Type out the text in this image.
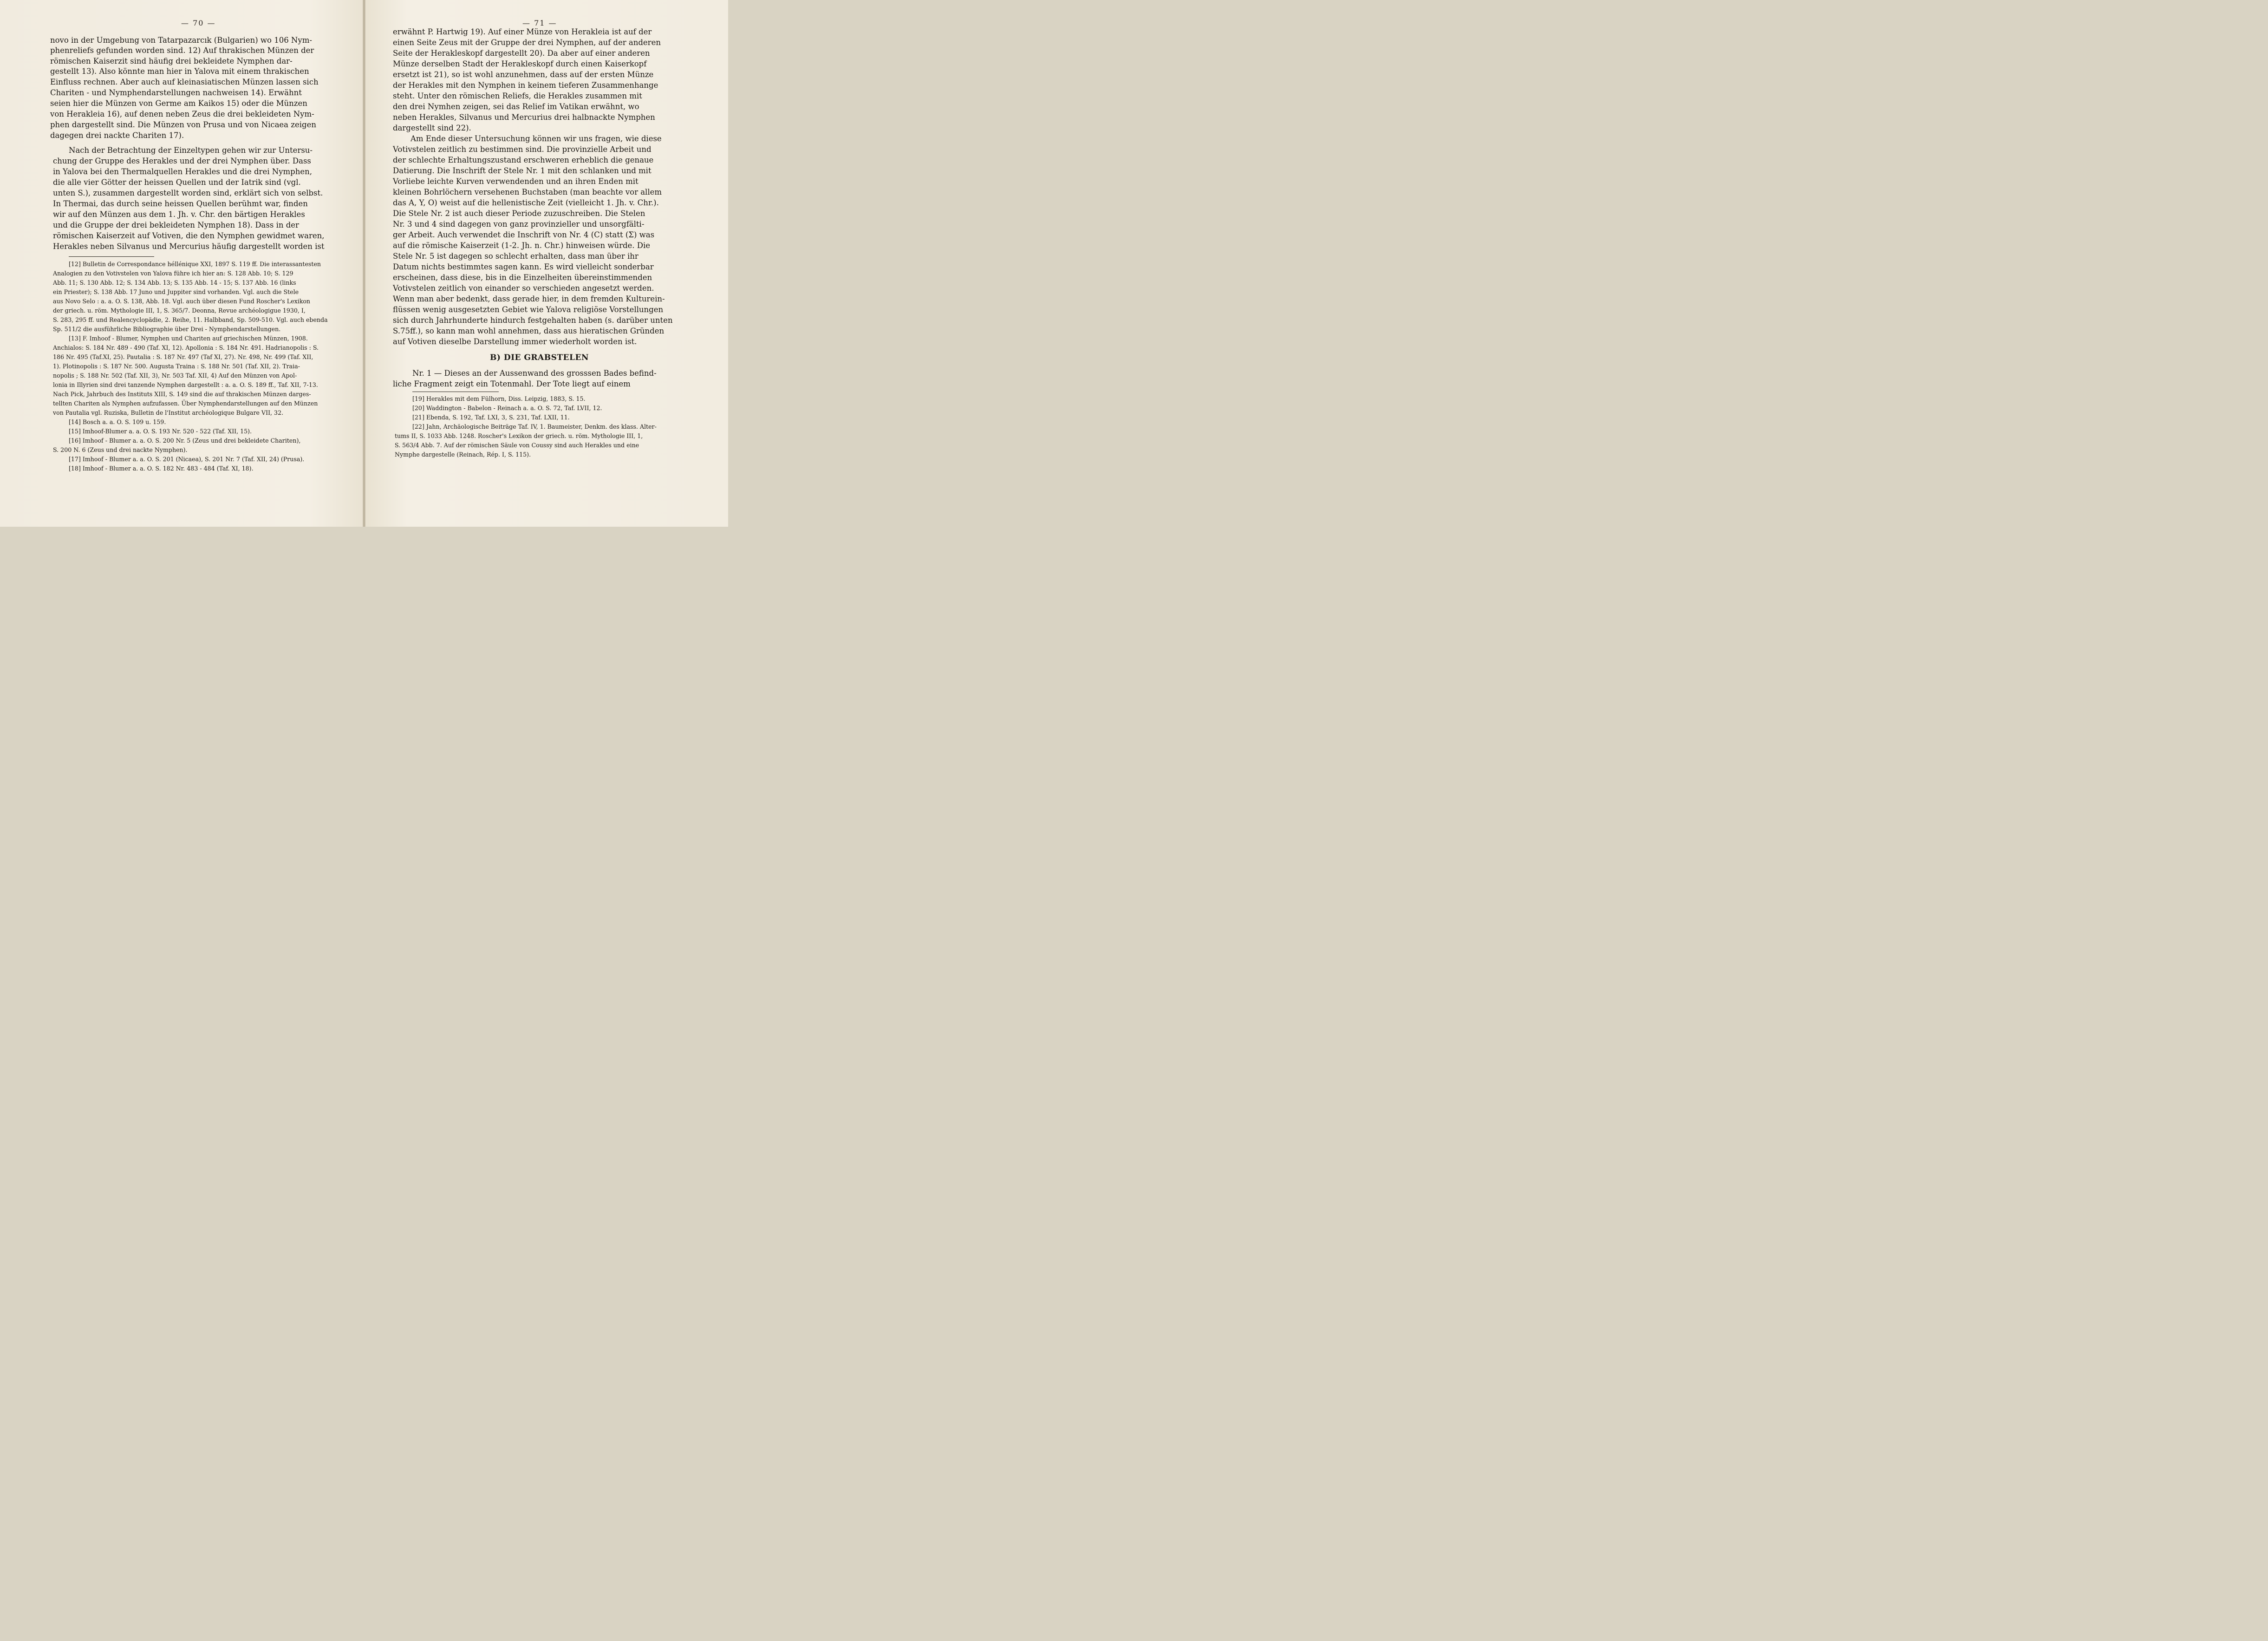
— 70 —
novo in der Umgebung von Tatarpazarcık (Bulgarien) wo 106 Nym-
phenreliefs gefunden worden sind. 12) Auf thrakischen Münzen der
römischen Kaiserzit sind häufig drei bekleidete Nymphen dar-
gestellt 13). Also könnte man hier in Yalova mit einem thrakischen
Einfluss rechnen. Aber auch auf kleinasiatischen Münzen lassen sich
Chariten - und Nymphendarstellungen nachweisen 14). Erwähnt
seien hier die Münzen von Germe am Kaikos 15) oder die Münzen
von Herakleia 16), auf denen neben Zeus die drei bekleideten Nym-
phen dargestellt sind. Die Münzen von Prusa und von Nicaea zeigen
dagegen drei nackte Chariten 17).
Nach der Betrachtung der Einzeltypen gehen wir zur Untersu-
chung der Gruppe des Herakles und der drei Nymphen über. Dass
in Yalova bei den Thermalquellen Herakles und die drei Nymphen,
die alle vier Götter der heissen Quellen und der Iatrik sind (vgl.
unten S.), zusammen dargestellt worden sind, erklärt sich von selbst.
In Thermai, das durch seine heissen Quellen berühmt war, finden
wir auf den Münzen aus dem 1. Jh. v. Chr. den bärtigen Herakles
und die Gruppe der drei bekleideten Nymphen 18). Dass in der
römischen Kaiserzeit auf Votiven, die den Nymphen gewidmet waren,
Herakles neben Silvanus und Mercurius häufig dargestellt worden ist
[12] Bulletin de Correspondance héllénique XXI, 1897 S. 119 ff. Die interassantesten
Analogien zu den Votivstelen von Yalova führe ich hier an: S. 128 Abb. 10; S. 129
Abb. 11; S. 130 Abb. 12; S. 134 Abb. 13; S. 135 Abb. 14 - 15; S. 137 Abb. 16 (links
ein Priester); S. 138 Abb. 17 Juno und Juppiter sind vorhanden. Vgl. auch die Stele
aus Novo Selo : a. a. O. S. 138, Abb. 18. Vgl. auch über diesen Fund Roscher's Lexikon
der griech. u. röm. Mythologie III, 1, S. 365/7. Deonna, Revue archéologigue 1930, I,
S. 283, 295 ff. und Realencyclopädie, 2. Reihe, 11. Halbband, Sp. 509-510. Vgl. auch ebenda
Sp. 511/2 die ausführliche Bibliographie über Drei - Nymphendarstellungen.
[13] F. Imhoof - Blumer, Nymphen und Chariten auf griechischen Münzen, 1908.
Anchialos: S. 184 Nr. 489 - 490 (Taf. XI, 12). Apollonia : S. 184 Nr. 491. Hadrianopolis : S.
186 Nr. 495 (Taf.XI, 25). Pautalia : S. 187 Nr. 497 (Taf XI, 27). Nr. 498, Nr. 499 (Taf. XII,
1). Plotinopolis : S. 187 Nr. 500. Augusta Traina : S. 188 Nr. 501 (Taf. XII, 2). Traia-
nopolis ; S. 188 Nr. 502 (Taf. XII, 3), Nr. 503 Taf. XII, 4) Auf den Münzen von Apol-
lonia in Illyrien sind drei tanzende Nymphen dargestellt : a. a. O. S. 189 ff., Taf. XII, 7-13.
Nach Pick, Jahrbuch des Instituts XIII, S. 149 sind die auf thrakischen Münzen darges-
tellten Chariten als Nymphen aufzufassen. Über Nymphendarstellungen auf den Münzen
von Pautalia vgl. Ruziska, Bulletin de l'Institut archéologique Bulgare VII, 32.
[14] Bosch a. a. O. S. 109 u. 159.
[15] Imhoof-Blumer a. a. O. S. 193 Nr. 520 - 522 (Taf. XII, 15).
[16] Imhoof - Blumer a. a. O. S. 200 Nr. 5 (Zeus und drei bekleidete Chariten),
S. 200 N. 6 (Zeus und drei nackte Nymphen).
[17] Imhoof - Blumer a. a. O. S. 201 (Nicaea), S. 201 Nr. 7 (Taf. XII, 24) (Prusa).
[18] Imhoof - Blumer a. a. O. S. 182 Nr. 483 - 484 (Taf. XI, 18).
— 71 —
erwähnt P. Hartwig 19). Auf einer Münze von Herakleia ist auf der
einen Seite Zeus mit der Gruppe der drei Nymphen, auf der anderen
Seite der Herakleskopf dargestellt 20). Da aber auf einer anderen
Münze derselben Stadt der Herakleskopf durch einen Kaiserkopf
ersetzt ist 21), so ist wohl anzunehmen, dass auf der ersten Münze
der Herakles mit den Nymphen in keinem tieferen Zusammenhange
steht. Unter den römischen Reliefs, die Herakles zusammen mit
den drei Nymhen zeigen, sei das Relief im Vatikan erwähnt, wo
neben Herakles, Silvanus und Mercurius drei halbnackte Nymphen
dargestellt sind 22).
Am Ende dieser Untersuchung können wir uns fragen, wie diese
Votivstelen zeitlich zu bestimmen sind. Die provinzielle Arbeit und
der schlechte Erhaltungszustand erschweren erheblich die genaue
Datierung. Die Inschrift der Stele Nr. 1 mit den schlanken und mit
Vorliebe leichte Kurven verwendenden und an ihren Enden mit
kleinen Bohrlöchern versehenen Buchstaben (man beachte vor allem
das A, Y, O) weist auf die hellenistische Zeit (vielleicht 1. Jh. v. Chr.).
Die Stele Nr. 2 ist auch dieser Periode zuzuschreiben. Die Stelen
Nr. 3 und 4 sind dagegen von ganz provinzieller und unsorgfälti-
ger Arbeit. Auch verwendet die Inschrift von Nr. 4 (C) statt (Σ) was
auf die römische Kaiserzeit (1-2. Jh. n. Chr.) hinweisen würde. Die
Stele Nr. 5 ist dagegen so schlecht erhalten, dass man über ihr
Datum nichts bestimmtes sagen kann. Es wird vielleicht sonderbar
erscheinen, dass diese, bis in die Einzelheiten übereinstimmenden
Votivstelen zeitlich von einander so verschieden angesetzt werden.
Wenn man aber bedenkt, dass gerade hier, in dem fremden Kulturein-
flüssen wenig ausgesetzten Gebiet wie Yalova religiöse Vorstellungen
sich durch Jahrhunderte hindurch festgehalten haben (s. darüber unten
S.75ff.), so kann man wohl annehmen, dass aus hieratischen Gründen
auf Votiven dieselbe Darstellung immer wiederholt worden ist.
B) DIE GRABSTELEN
Nr. 1 — Dieses an der Aussenwand des grosssen Bades befind-
liche Fragment zeigt ein Totenmahl. Der Tote liegt auf einem
[19] Herakles mit dem Fülhorn, Diss. Leipzig, 1883, S. 15.
[20] Waddington - Babelon - Reinach a. a. O. S. 72, Taf. LVII, 12.
[21] Ebenda, S. 192, Taf. LXI, 3, S. 231, Taf. LXII, 11.
[22] Jahn, Archäologische Beiträge Taf. IV, 1. Baumeister, Denkm. des klass. Alter-
tums II, S. 1033 Abb. 1248. Roscher's Lexikon der griech. u. röm. Mythologie III, 1,
S. 563/4 Abb. 7. Auf der römischen Säule von Coussy sind auch Herakles und eine
Nymphe dargestelle (Reinach, Rép. I, S. 115).
